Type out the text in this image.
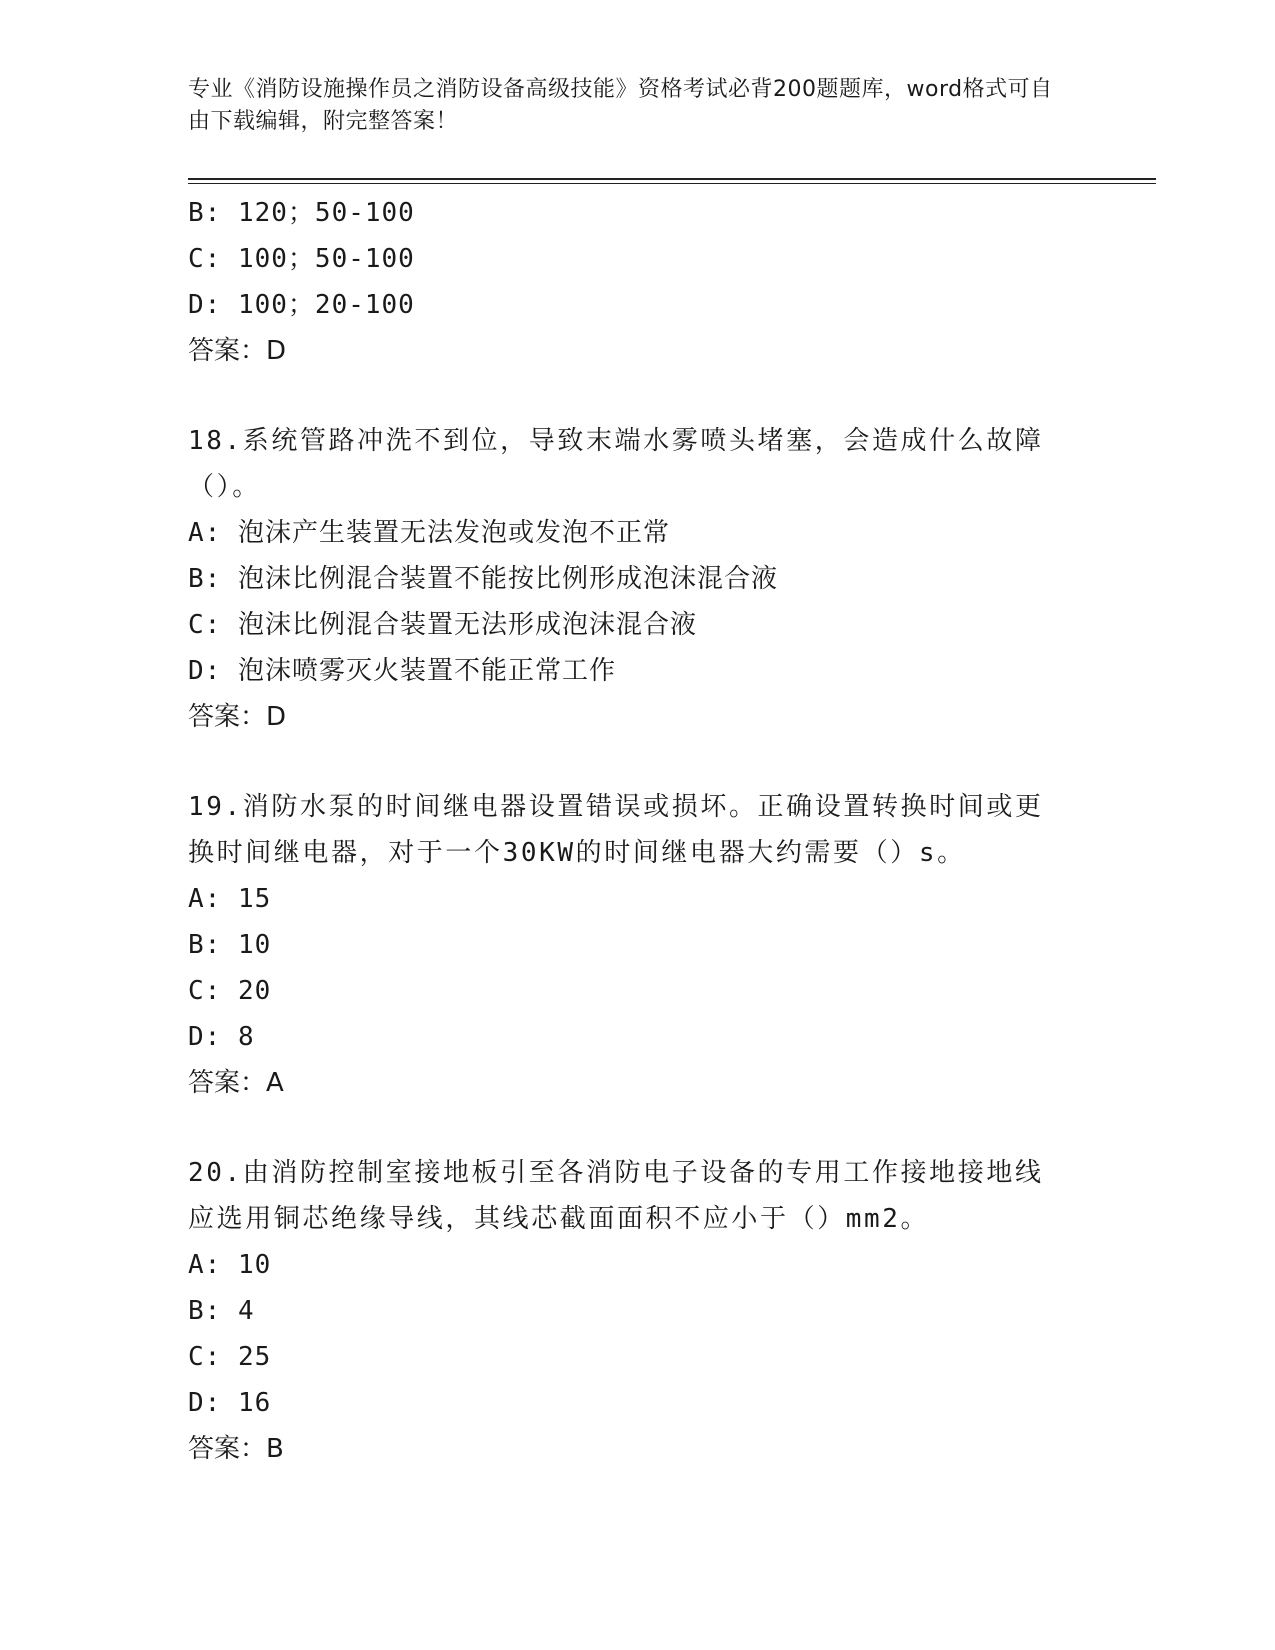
专业《消防设施操作员之消防设备高级技能》资格考试必背200题题库，word格式可自由下载编辑，附完整答案！
B: 120；50-100
C: 100；50-100
D: 100；20-100
答案：D
18.系统管路冲洗不到位，导致末端水雾喷头堵塞，会造成什么故障（）。
A: 泡沫产生装置无法发泡或发泡不正常
B: 泡沫比例混合装置不能按比例形成泡沫混合液
C: 泡沫比例混合装置无法形成泡沫混合液
D: 泡沫喷雾灭火装置不能正常工作
答案：D
19.消防水泵的时间继电器设置错误或损坏。正确设置转换时间或更换时间继电器，对于一个30KW的时间继电器大约需要（）s。
A: 15
B: 10
C: 20
D: 8
答案：A
20.由消防控制室接地板引至各消防电子设备的专用工作接地接地线应选用铜芯绝缘导线，其线芯截面面积不应小于（）mm2。
A: 10
B: 4
C: 25
D: 16
答案：B
